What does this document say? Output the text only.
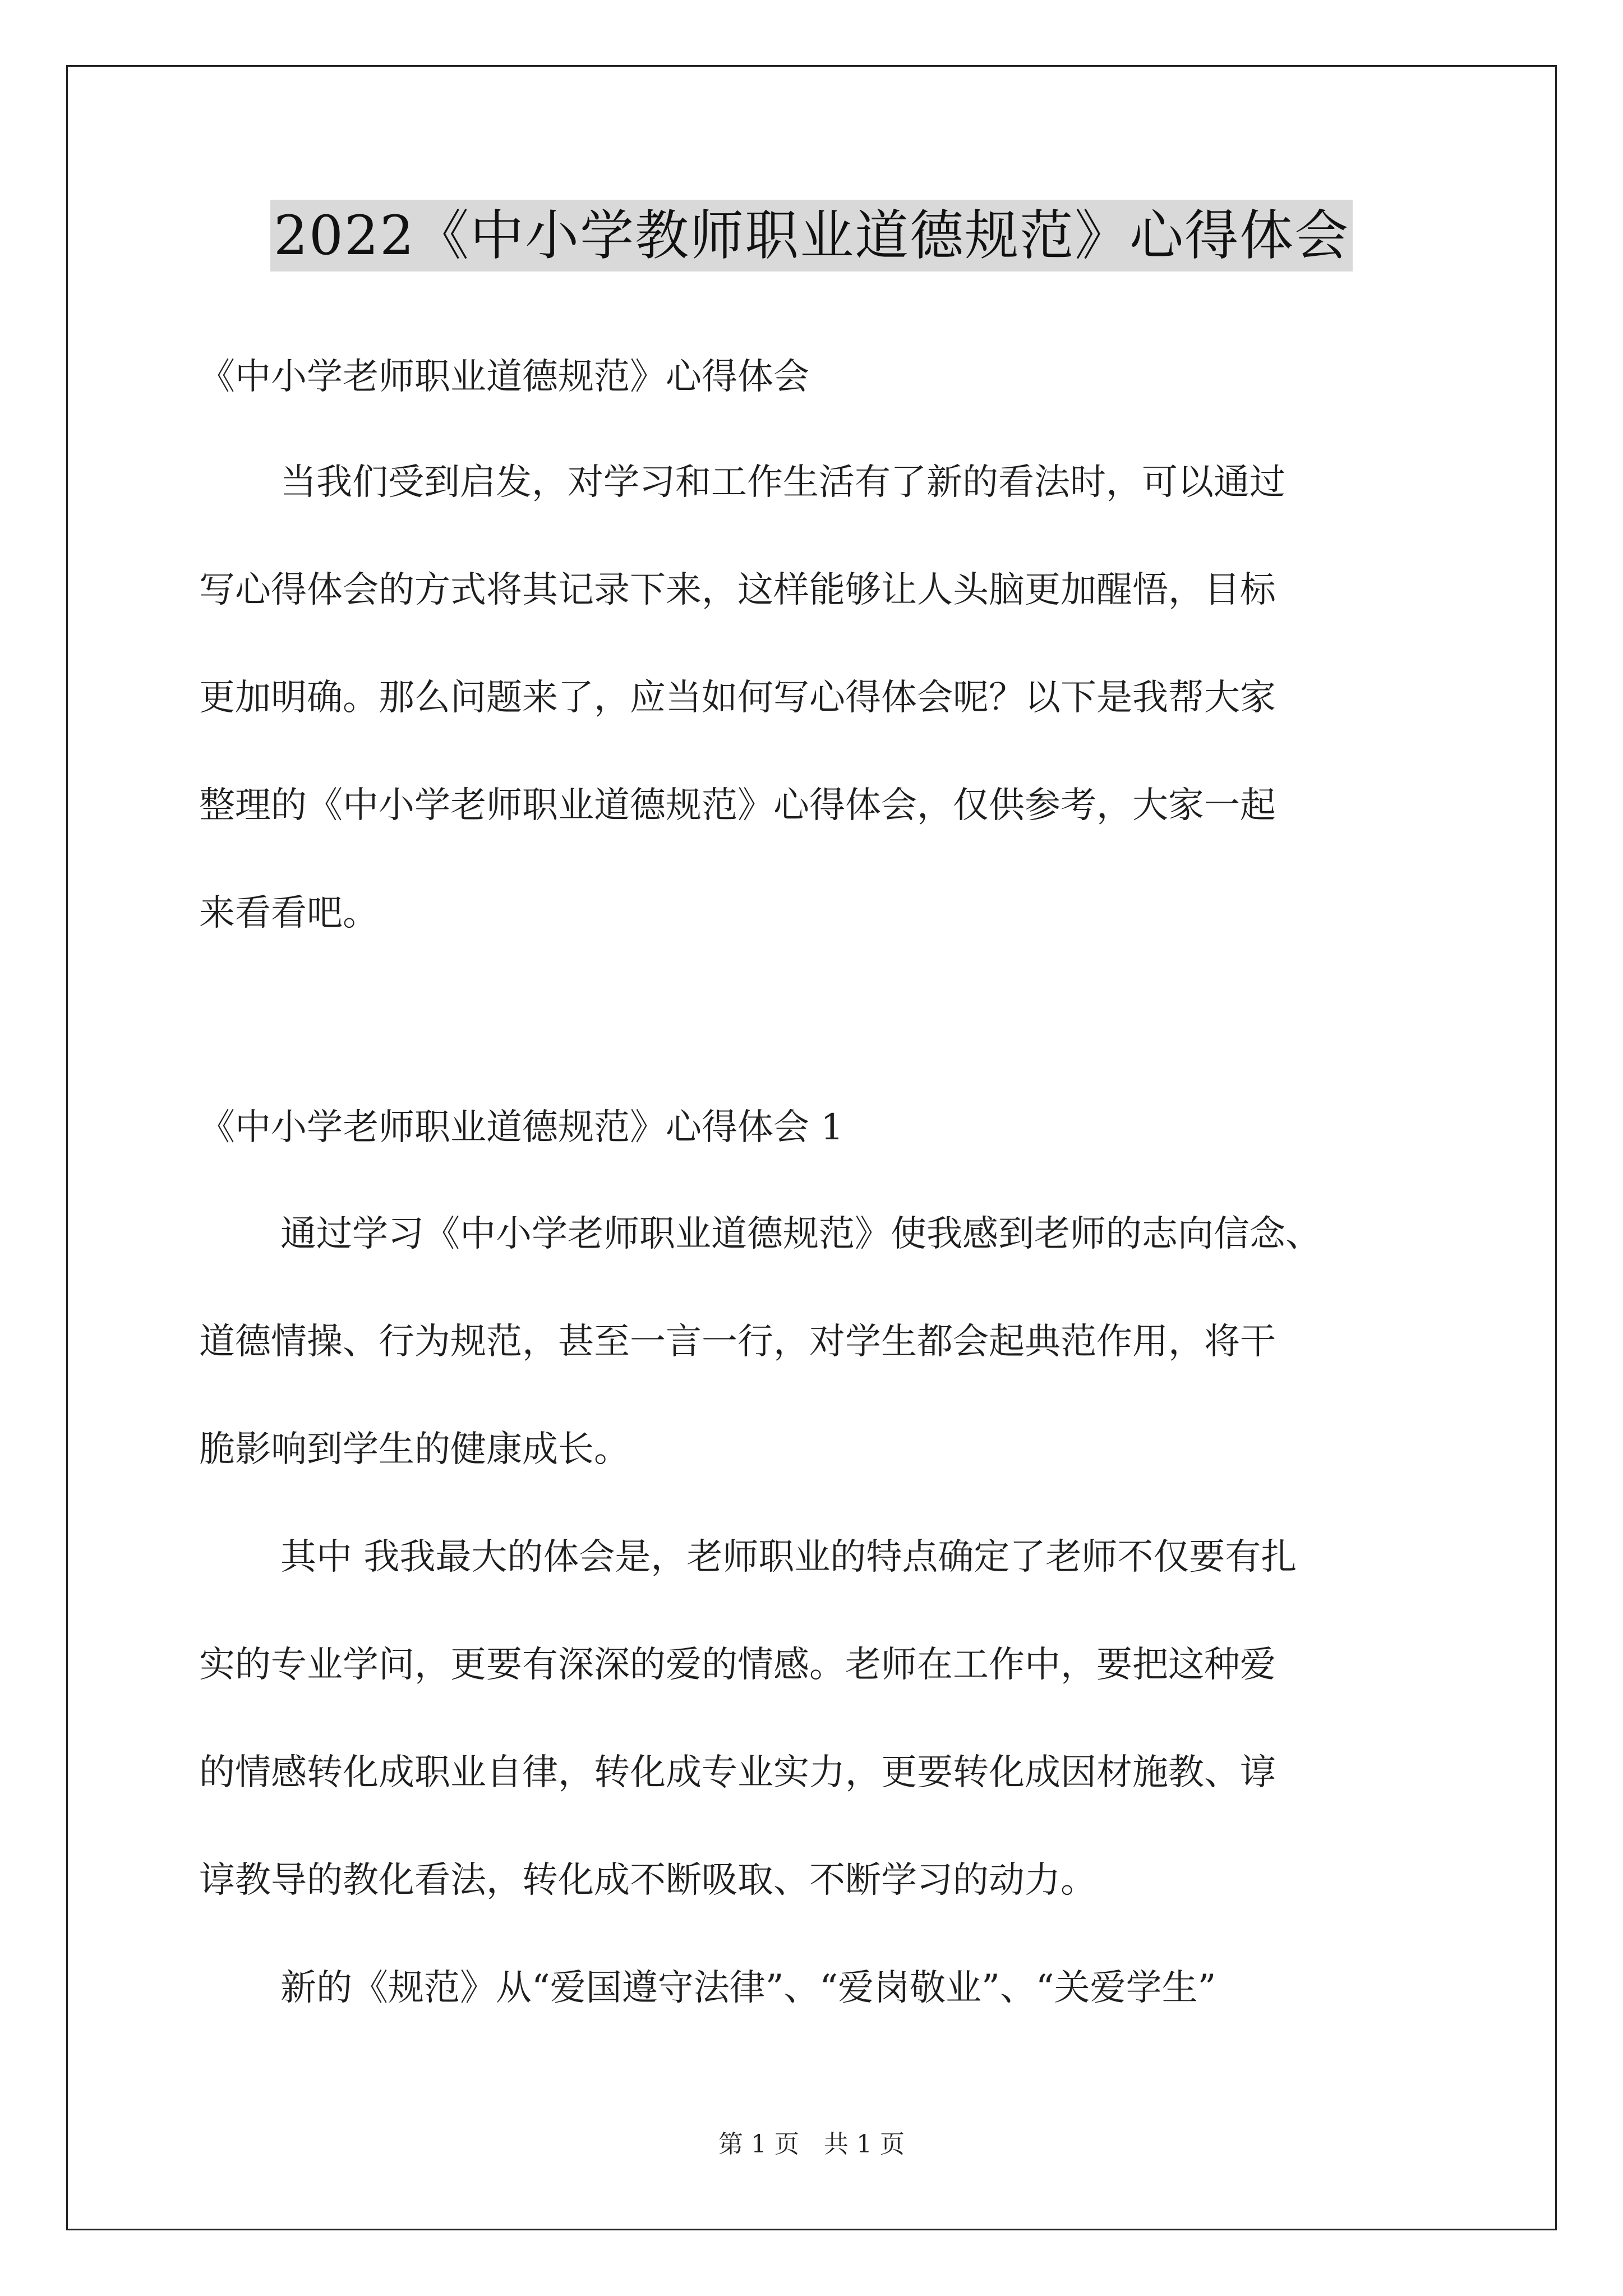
2022《中小学教师职业道德规范》心得体会
《中小学老师职业道德规范》心得体会
当我们受到启发，对学习和工作生活有了新的看法时，可以通过
写心得体会的方式将其记录下来，这样能够让人头脑更加醒悟，目标
更加明确。那么问题来了，应当如何写心得体会呢？以下是我帮大家
整理的《中小学老师职业道德规范》心得体会，仅供参考，大家一起
来看看吧。
《中小学老师职业道德规范》心得体会 1
通过学习《中小学老师职业道德规范》使我感到老师的志向信念、
道德情操、行为规范，甚至一言一行，对学生都会起典范作用，将干
脆影响到学生的健康成长。
其中 我我最大的体会是，老师职业的特点确定了老师不仅要有扎
实的专业学问，更要有深深的爱的情感。老师在工作中，要把这种爱
的情感转化成职业自律，转化成专业实力，更要转化成因材施教、谆
谆教导的教化看法，转化成不断吸取、不断学习的动力。
新的《规范》从“爱国遵守法律”、“爱岗敬业”、“关爱学生”
第 1 页　共 1 页
